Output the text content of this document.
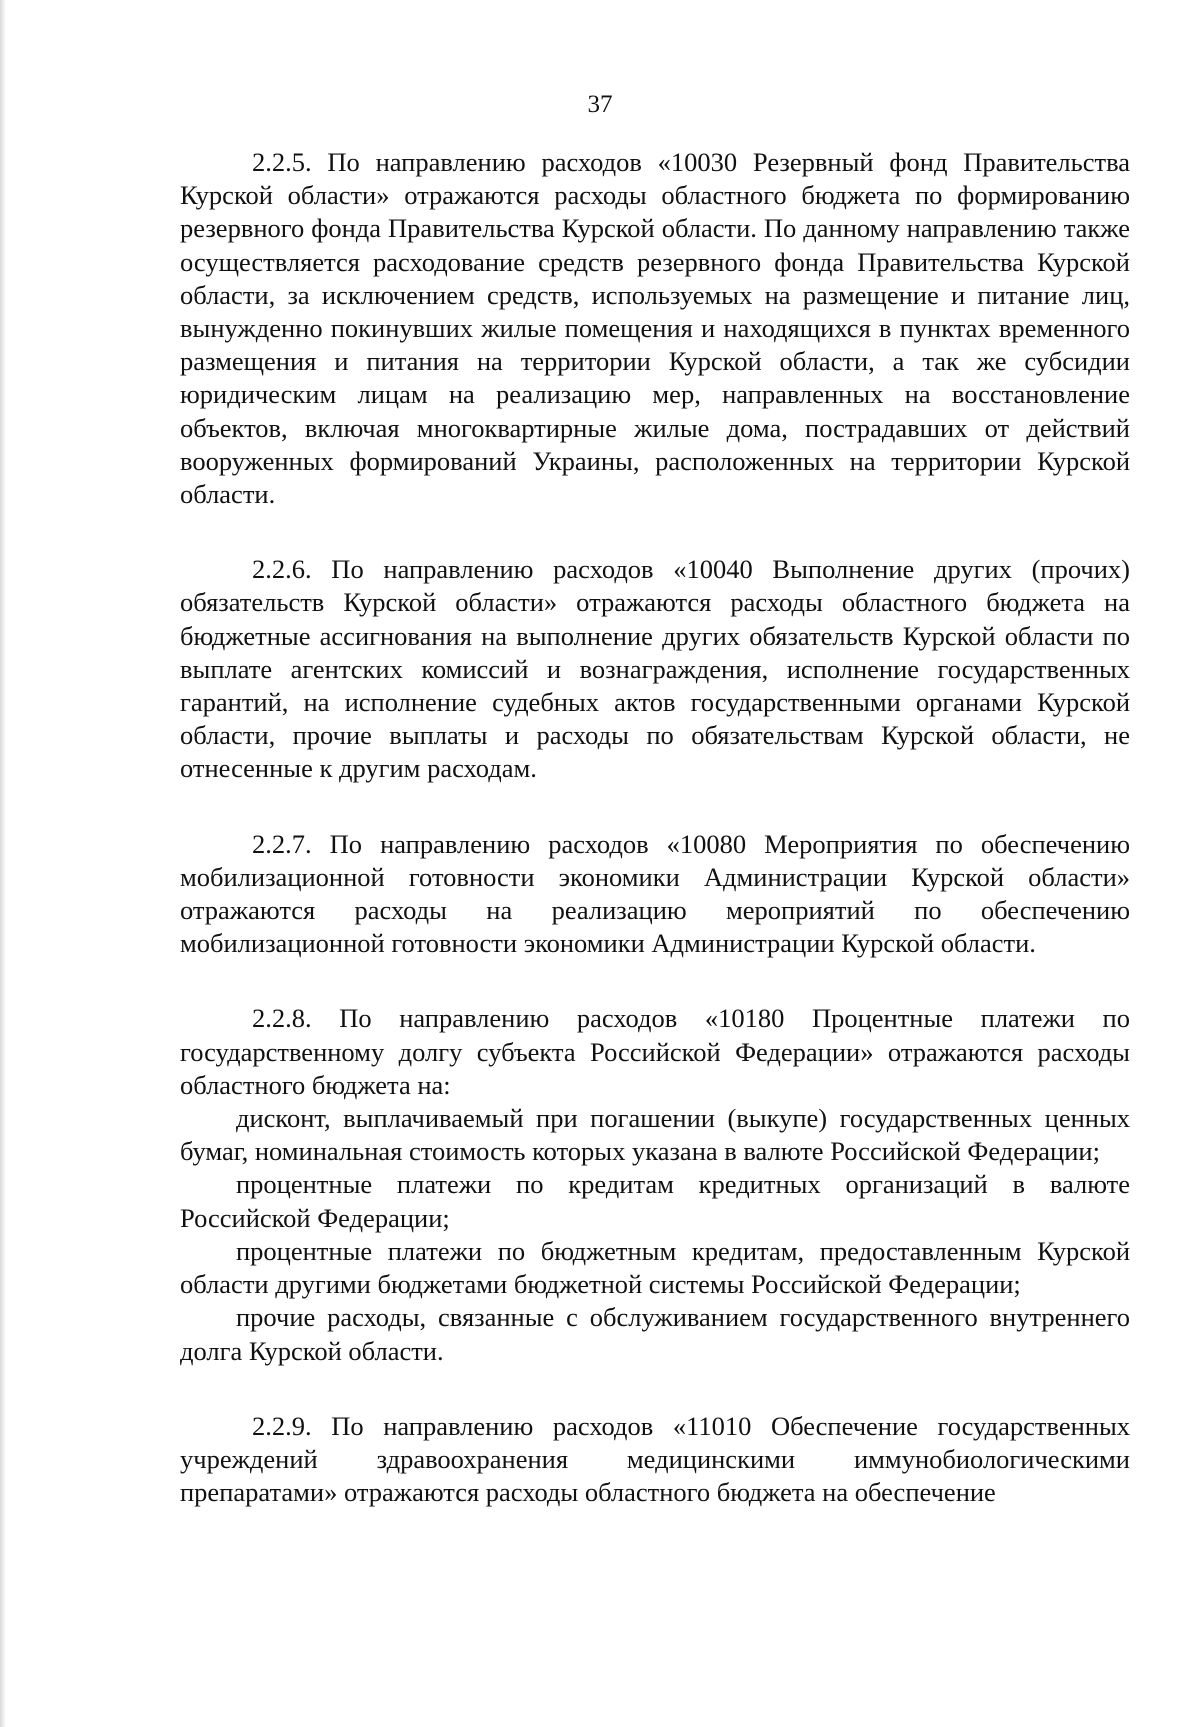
37

2.2.5. По направлению расходов «10030 Резервный фонд Правительства Курской области» отражаются расходы областного бюджета по формированию резервного фонда Правительства Курской области. По данному направлению также осуществляется расходование средств резервного фонда Правительства Курской области, за исключением средств, используемых на размещение и питание лиц, вынужденно покинувших жилые помещения и находящихся в пунктах временного размещения и питания на территории Курской области, а так же субсидии юридическим лицам на реализацию мер, направленных на восстановление объектов, включая многоквартирные жилые дома, пострадавших от действий вооруженных формирований Украины, расположенных на территории Курской области.

2.2.6. По направлению расходов «10040 Выполнение других (прочих) обязательств Курской области» отражаются расходы областного бюджета на бюджетные ассигнования на выполнение других обязательств Курской области по выплате агентских комиссий и вознаграждения, исполнение государственных гарантий, на исполнение судебных актов государственными органами Курской области, прочие выплаты и расходы по обязательствам Курской области, не отнесенные к другим расходам.

2.2.7. По направлению расходов «10080 Мероприятия по обеспечению мобилизационной готовности экономики Администрации Курской области» отражаются расходы на реализацию мероприятий по обеспечению мобилизационной готовности экономики Администрации Курской области.

2.2.8. По направлению расходов «10180 Процентные платежи по государственному долгу субъекта Российской Федерации» отражаются расходы областного бюджета на:

дисконт, выплачиваемый при погашении (выкупе) государственных ценных бумаг, номинальная стоимость которых указана в валюте Российской Федерации;

процентные платежи по кредитам кредитных организаций в валюте Российской Федерации;

процентные платежи по бюджетным кредитам, предоставленным Курской области другими бюджетами бюджетной системы Российской Федерации;

прочие расходы, связанные с обслуживанием государственного внутреннего долга Курской области.

2.2.9. По направлению расходов «11010 Обеспечение государственных учреждений здравоохранения медицинскими иммунобиологическими препаратами» отражаются расходы областного бюджета на обеспечение
